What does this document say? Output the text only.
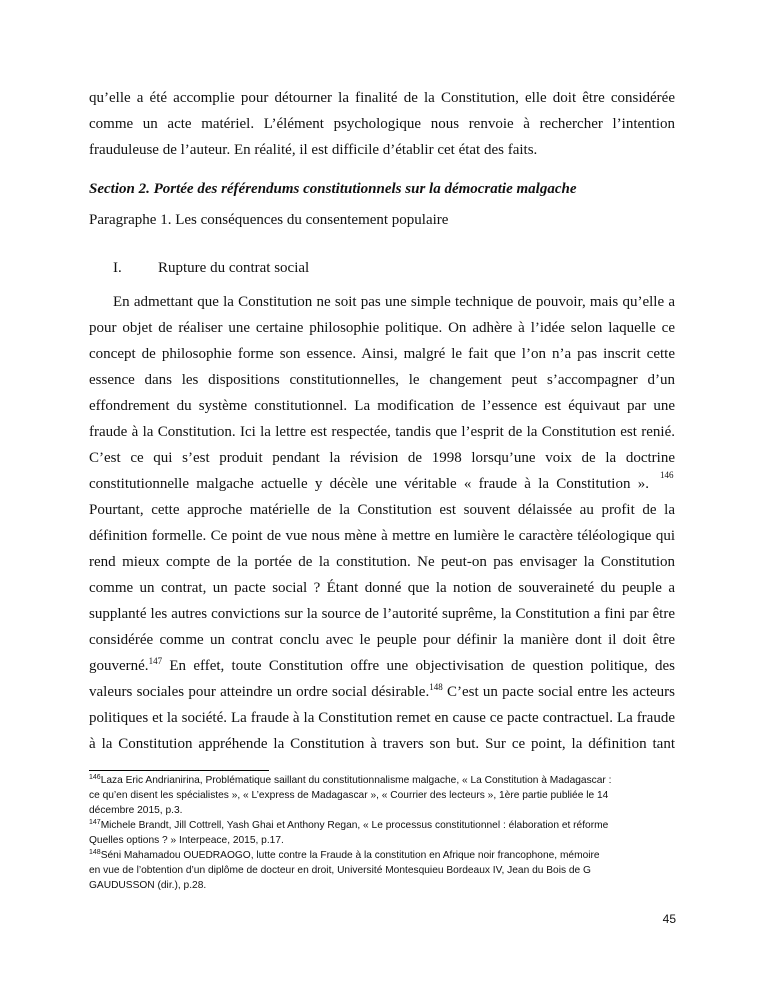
qu’elle a été accomplie pour détourner la finalité de la Constitution, elle doit être considérée
comme un acte matériel. L’élément psychologique nous renvoie à rechercher l’intention
frauduleuse de l’auteur. En réalité, il est difficile d’établir cet état des faits.
Section 2. Portée des référendums constitutionnels sur la démocratie malgache
Paragraphe 1. Les conséquences du consentement populaire
I. Rupture du contrat social
En admettant que la Constitution ne soit pas une simple technique de pouvoir, mais qu’elle a
pour objet de réaliser une certaine philosophie politique. On adhère à l’idée selon laquelle ce
concept de philosophie forme son essence. Ainsi, malgré le fait que l’on n’a pas inscrit cette
essence dans les dispositions constitutionnelles, le changement peut s’accompagner d’un
effondrement du système constitutionnel. La modification de l’essence est équivaut par une
fraude à la Constitution. Ici la lettre est respectée, tandis que l’esprit de la Constitution est renié.
C’est ce qui s’est produit pendant la révision de 1998 lorsqu’une voix de la doctrine
constitutionnelle malgache actuelle y décèle une véritable « fraude à la Constitution ».
146
Pourtant, cette approche matérielle de la Constitution est souvent délaissée au profit de la
définition formelle. Ce point de vue nous mène à mettre en lumière le caractère téléologique qui
rend mieux compte de la portée de la constitution. Ne peut-on pas envisager la Constitution
comme un contrat, un pacte social ? Étant donné que la notion de souveraineté du peuple a
supplanté les autres convictions sur la source de l’autorité suprême, la Constitution a fini par être
considérée comme un contrat conclu avec le peuple pour définir la manière dont il doit être
gouverné.$^{147}$ En effet, toute Constitution offre une objectivisation de question politique, des
valeurs sociales pour atteindre un ordre social désirable.$^{148}$ C’est un pacte social entre les acteurs
politiques et la société. La fraude à la Constitution remet en cause ce pacte contractuel. La fraude
à la Constitution appréhende la Constitution à travers son but. Sur ce point, la définition tant
$^{146}$Laza Eric Andrianirina, Problématique saillant du constitutionnalisme malgache, « La Constitution à Madagascar :
ce qu’en disent les spécialistes », « L’express de Madagascar », « Courrier des lecteurs », 1ère partie publiée le 14
décembre 2015, p.3.
$^{147}$Michele Brandt, Jill Cottrell, Yash Ghai et Anthony Regan, « Le processus constitutionnel : élaboration et réforme
Quelles options ? » Interpeace, 2015, p.17.
$^{148}$Séni Mahamadou OUEDRAOGO, lutte contre la Fraude à la constitution en Afrique noir francophone, mémoire
en vue de l’obtention d’un diplôme de docteur en droit, Université Montesquieu Bordeaux IV, Jean du Bois de G
GAUDUSSON (dir.), p.28.
45
